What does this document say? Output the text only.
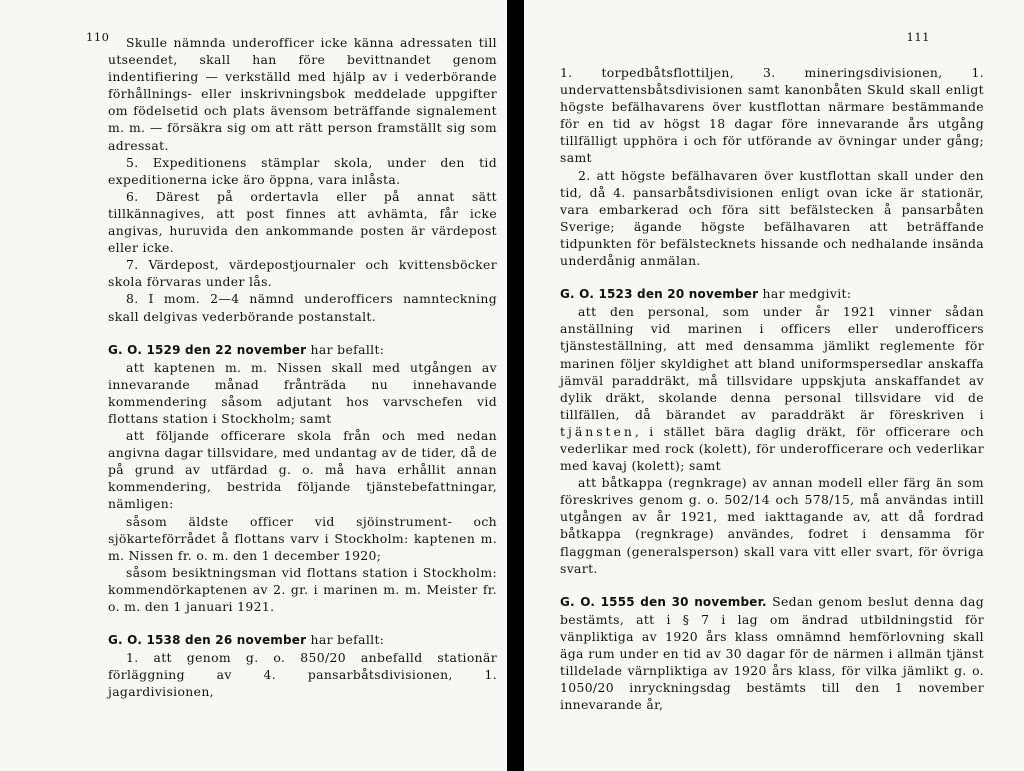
110	Skulle nämnda underofficer icke känna adressaten till utseendet, skall han före bevittnandet genom indentifiering — verkställd med hjälp av i vederbörande förhållnings- eller inskrivningsbok meddelade uppgifter om födelsetid och plats ävensom beträffande signalement m. m. — försäkra sig om att rätt person framställt sig som adressat.

5. Expeditionens stämplar skola, under den tid expeditionerna icke äro öppna, vara inlåsta.

6. Därest på ordertavla eller på annat sätt tillkännagives, att post finnes att avhämta, får icke angivas, huruvida den ankommande posten är värdepost eller icke.

7. Värdepost, värdepostjournaler och kvittensböcker skola förvaras under lås.

8. I mom. 2—4 nämnd underofficers namnteckning skall delgivas vederbörande postanstalt.

G. O. 1529 den 22 november har befallt:

att kaptenen m. m. Nissen skall med utgången av innevarande månad frånträda nu innehavande kommendering såsom adjutant hos varvschefen vid flottans station i Stockholm; samt

att följande officerare skola från och med nedan angivna dagar tillsvidare, med undantag av de tider, då de på grund av utfärdad g. o. må hava erhållit annan kommendering, bestrida följande tjänstebefattningar, nämligen:

såsom äldste officer vid sjöinstrument- och sjökarteförrådet å flottans varv i Stockholm: kaptenen m. m. Nissen fr. o. m. den 1 december 1920;

såsom besiktningsman vid flottans station i Stockholm: kommendörkaptenen av 2. gr. i marinen m. m. Meister fr. o. m. den 1 januari 1921.

G. O. 1538 den 26 november har befallt:

1. att genom g. o. 850/20 anbefalld stationär förläggning av 4. pansarbåtsdivisionen, 1. jagardivisionen,

111

1. torpedbåtsflottiljen, 3. mineringsdivisionen, 1. undervattensbåtsdivisionen samt kanonbåten Skuld skall enligt högste befälhavarens över kustflottan närmare bestämmande för en tid av högst 18 dagar före innevarande års utgång tillfälligt upphöra i och för utförande av övningar under gång; samt

2. att högste befälhavaren över kustflottan skall under den tid, då 4. pansarbåtsdivisionen enligt ovan icke är stationär, vara embarkerad och föra sitt befälstecken å pansarbåten Sverige; ägande högste befälhavaren att beträffande tidpunkten för befälstecknets hissande och nedhalande insända underdånig anmälan.

G. O. 1523 den 20 november har medgivit:

att den personal, som under år 1921 vinner sådan anställning vid marinen i officers eller underofficers tjänsteställning, att med densamma jämlikt reglemente för marinen följer skyldighet att bland uniformspersedlar anskaffa jämväl paraddräkt, må tillsvidare uppskjuta anskaffandet av dylik dräkt, skolande denna personal tillsvidare vid de tillfällen, då bärandet av paraddräkt är föreskriven i tjänsten, i stället bära daglig dräkt, för officerare och vederlikar med rock (kolett), för underofficerare och vederlikar med kavaj (kolett); samt

att båtkappa (regnkrage) av annan modell eller färg än som föreskrives genom g. o. 502/14 och 578/15, må användas intill utgången av år 1921, med iakttagande av, att då fordrad båtkappa (regnkrage) användes, fodret i densamma för flaggman (generalsperson) skall vara vitt eller svart, för övriga svart.

G. O. 1555 den 30 november. Sedan genom beslut denna dag bestämts, att i § 7 i lag om ändrad utbildningstid för vänpliktiga av 1920 års klass omnämnd hemförlovning skall äga rum under en tid av 30 dagar för de närmen i allmän tjänst tilldelade värnpliktiga av 1920 års klass, för vilka jämlikt g. o. 1050/20 inryckningsdag bestämts till den 1 november innevarande år,
